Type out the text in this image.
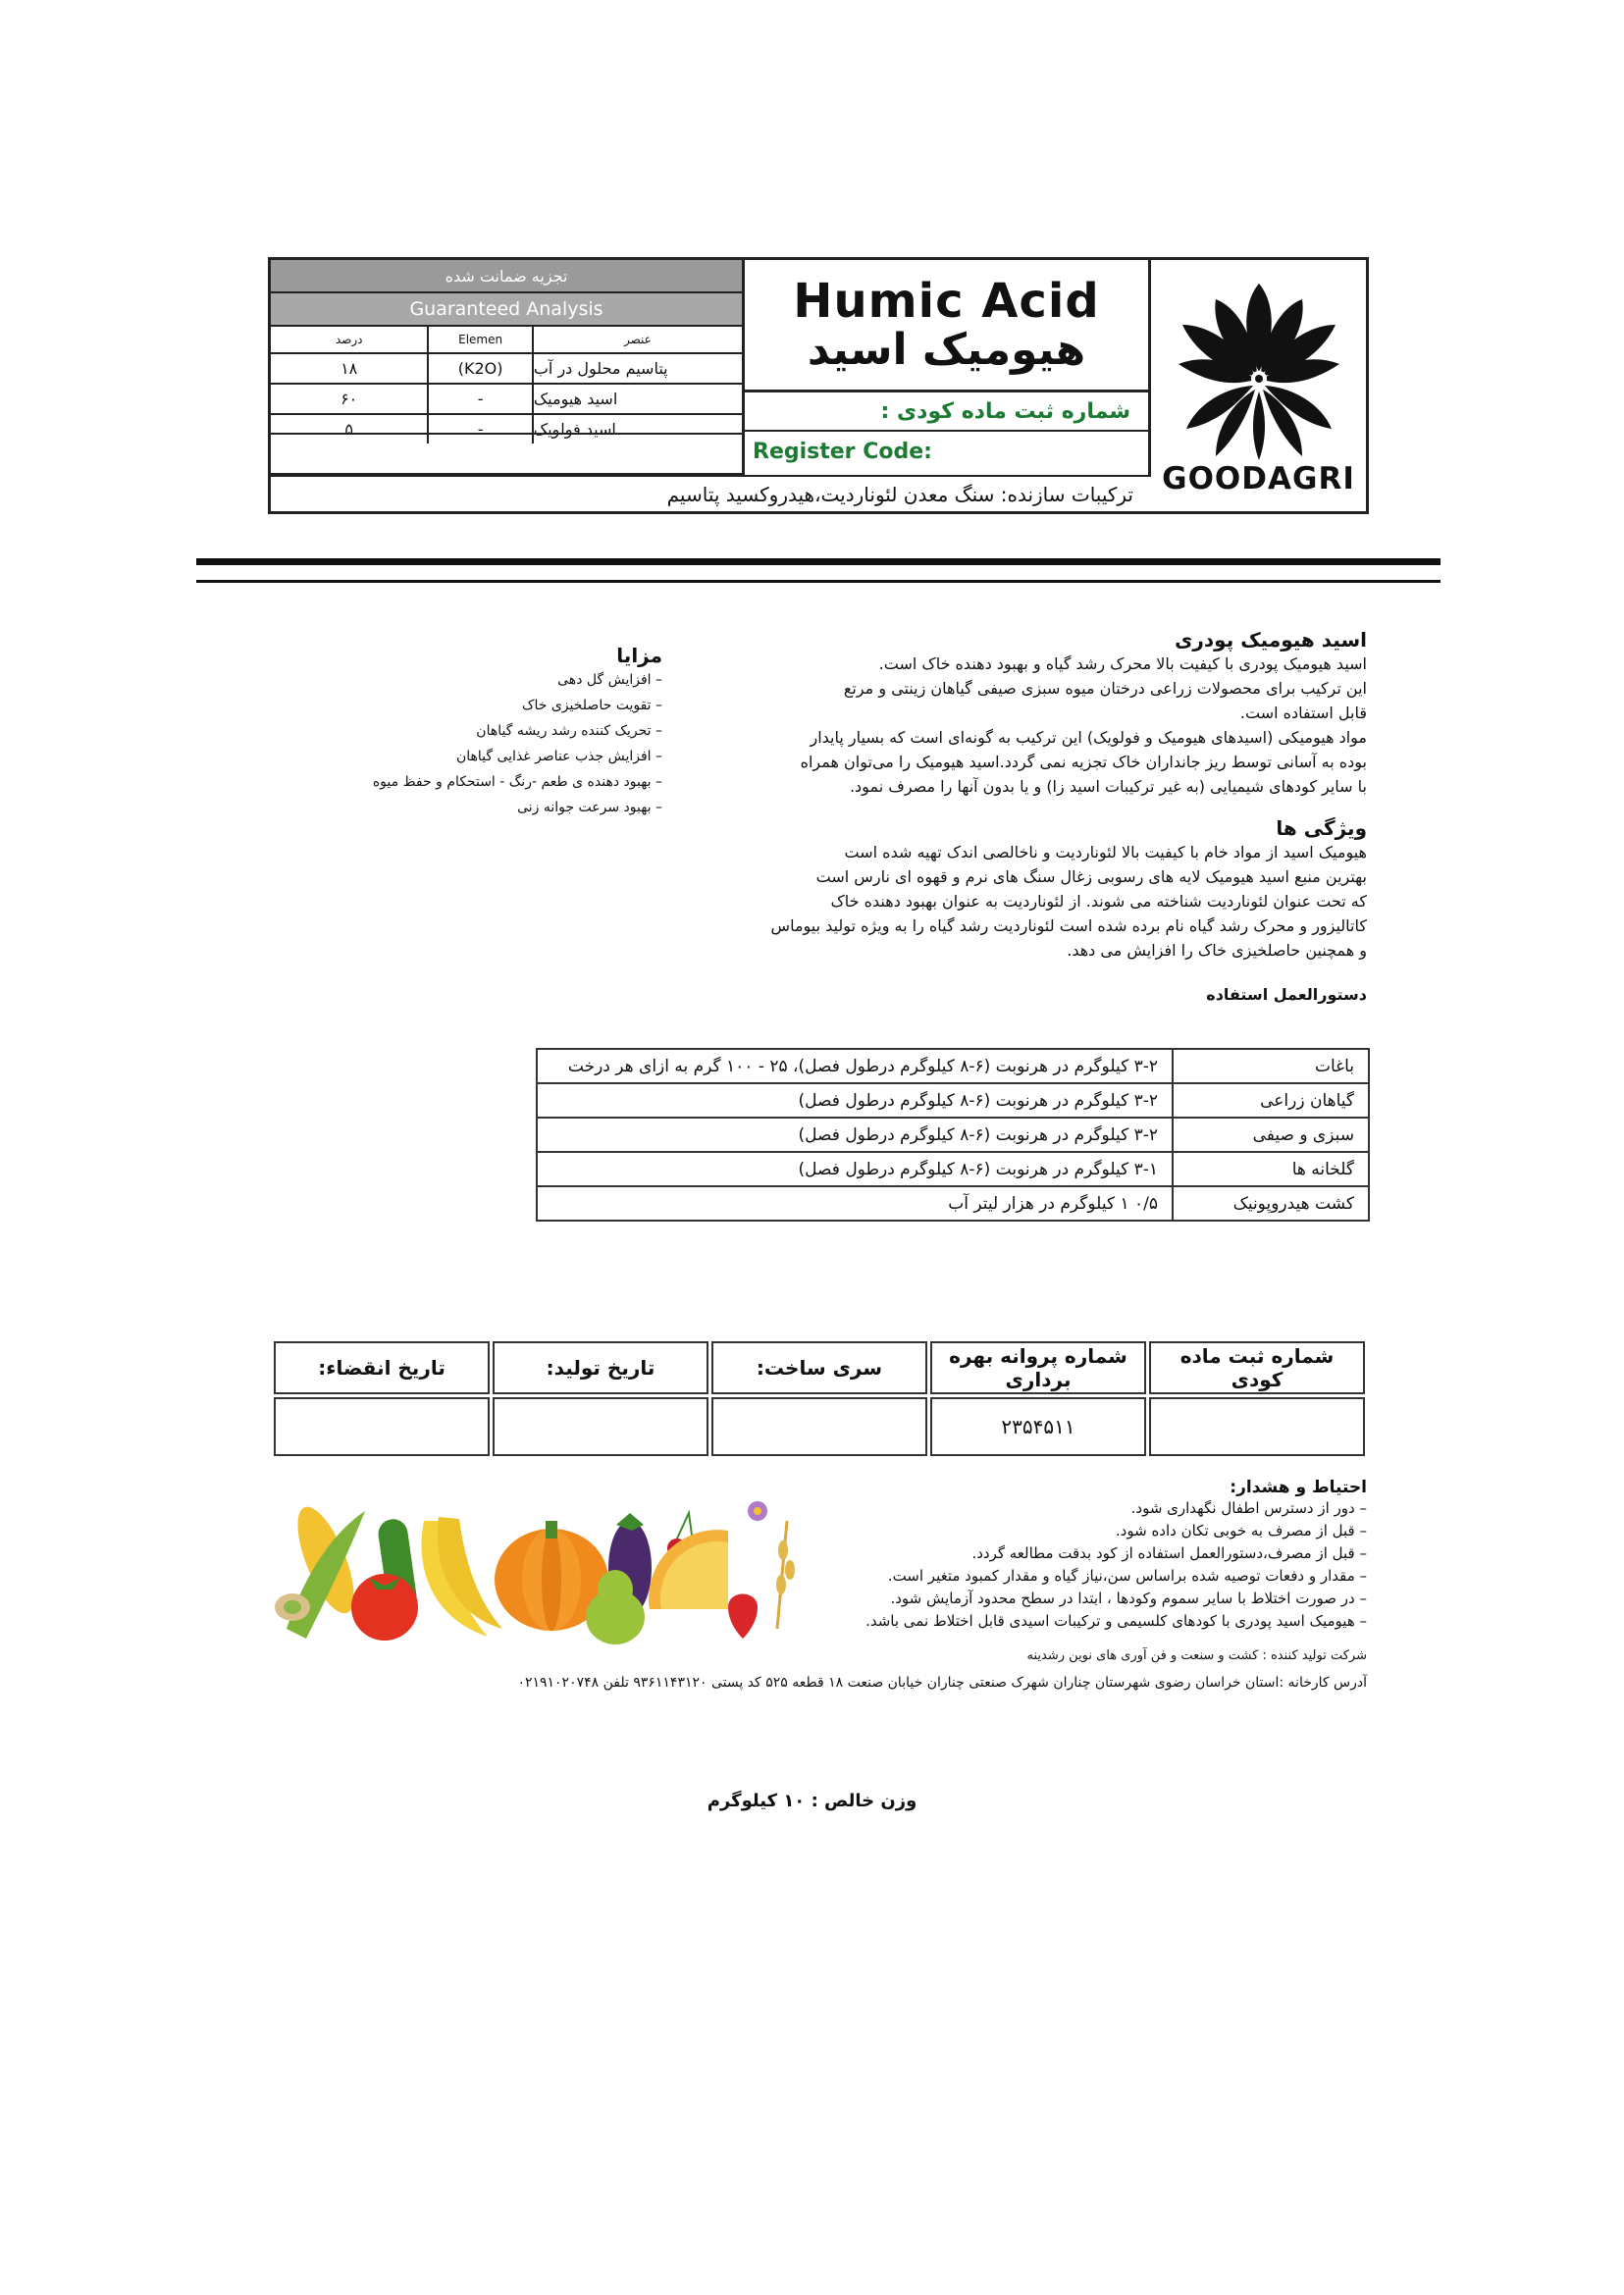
تجزیه ضمانت شده
Guaranteed Analysis
درصد	Elemen	عنصر
۱۸	(K2O)	پتاسیم محلول در آب
۶۰	-	اسید هیومیک
۵	-	اسید فولویک
Humic Acid
هیومیک اسید
شماره ثبت ماده کودی :
Register Code:
ترکیبات سازنده: سنگ معدن لئوناردیت،هیدروکسید پتاسیم GOODAGRI
اسید هیومیک پودری
اسید هیومیک پودری با کیفیت بالا محرک رشد گیاه و بهبود دهنده خاک است.
این ترکیب برای محصولات زراعی درختان میوه سبزی صیفی گیاهان زینتی و مرتع
قابل استفاده است.
مواد هیومیکی (اسیدهای هیومیک و فولویک) این ترکیب به گونه‌ای است که بسیار پایدار
بوده به آسانی توسط ریز جانداران خاک تجزیه نمی گردد.اسید هیومیک را می‌توان همراه
با سایر کودهای شیمیایی (به غیر ترکیبات اسید زا) و یا بدون آنها را مصرف نمود.
مزایا
– افزایش گل دهی
– تقویت حاصلخیزی خاک
– تحریک کننده رشد ریشه گیاهان
– افزایش جذب عناصر غذایی گیاهان
– بهبود دهنده ی طعم -رنگ - استحکام و حفظ میوه
– بهبود سرعت جوانه زنی
ویژگی ها
هیومیک اسید از مواد خام با کیفیت بالا لئوناردیت و ناخالصی اندک تهیه شده است
بهترین منبع اسید هیومیک لایه های رسوبی زغال سنگ های نرم و قهوه ای نارس است
که تحت عنوان لئوناردیت شناخته می شوند. از لئوناردیت به عنوان بهبود دهنده خاک
کاتالیزور و محرک رشد گیاه نام برده شده است لئوناردیت رشد گیاه را به ویژه تولید بیوماس
و همچنین حاصلخیزی خاک را افزایش می دهد.
دستورالعمل استفاده
باغات	۳-۲ کیلوگرم در هرنوبت (۶-۸ کیلوگرم درطول فصل)، ۲۵ - ۱۰۰ گرم به ازای هر درخت
گیاهان زراعی	۳-۲ کیلوگرم در هرنوبت (۶-۸ کیلوگرم درطول فصل)
سبزی و صیفی	۳-۲ کیلوگرم در هرنوبت (۶-۸ کیلوگرم درطول فصل)
گلخانه ها	۳-۱ کیلوگرم در هرنوبت (۶-۸ کیلوگرم درطول فصل)
کشت هیدروپونیک	۰/۵ ۱ کیلوگرم در هزار لیتر آب
شماره ثبت ماده کودی	شماره پروانه بهره برداری	سری ساخت:	تاریخ تولید:	تاریخ انقضاء:
	۲۳۵۴۵۱۱			
احتیاط و هشدار:
– دور از دسترس اطفال نگهداری شود.
– قبل از مصرف به خوبی تکان داده شود.
– قبل از مصرف،دستورالعمل استفاده از کود بدقت مطالعه گردد.
– مقدار و دفعات توصیه شده براساس سن،نیاز گیاه و مقدار کمبود متغیر است.
– در صورت اختلاط با سایر سموم وکودها ، ابتدا در سطح محدود آزمایش شود.
– هیومیک اسید پودری با کودهای کلسیمی و ترکیبات اسیدی قابل اختلاط نمی باشد.
شرکت تولید کننده : کشت و سنعت و فن آوری های نوین رشدینه
آدرس کارخانه :استان خراسان رضوی شهرستان چناران شهرک صنعتی چناران خیابان صنعت ۱۸ قطعه ۵۲۵ کد پستی ۹۳۶۱۱۴۳۱۲۰ تلفن ۰۲۱۹۱۰۲۰۷۴۸
وزن خالص : ۱۰ کیلوگرم
